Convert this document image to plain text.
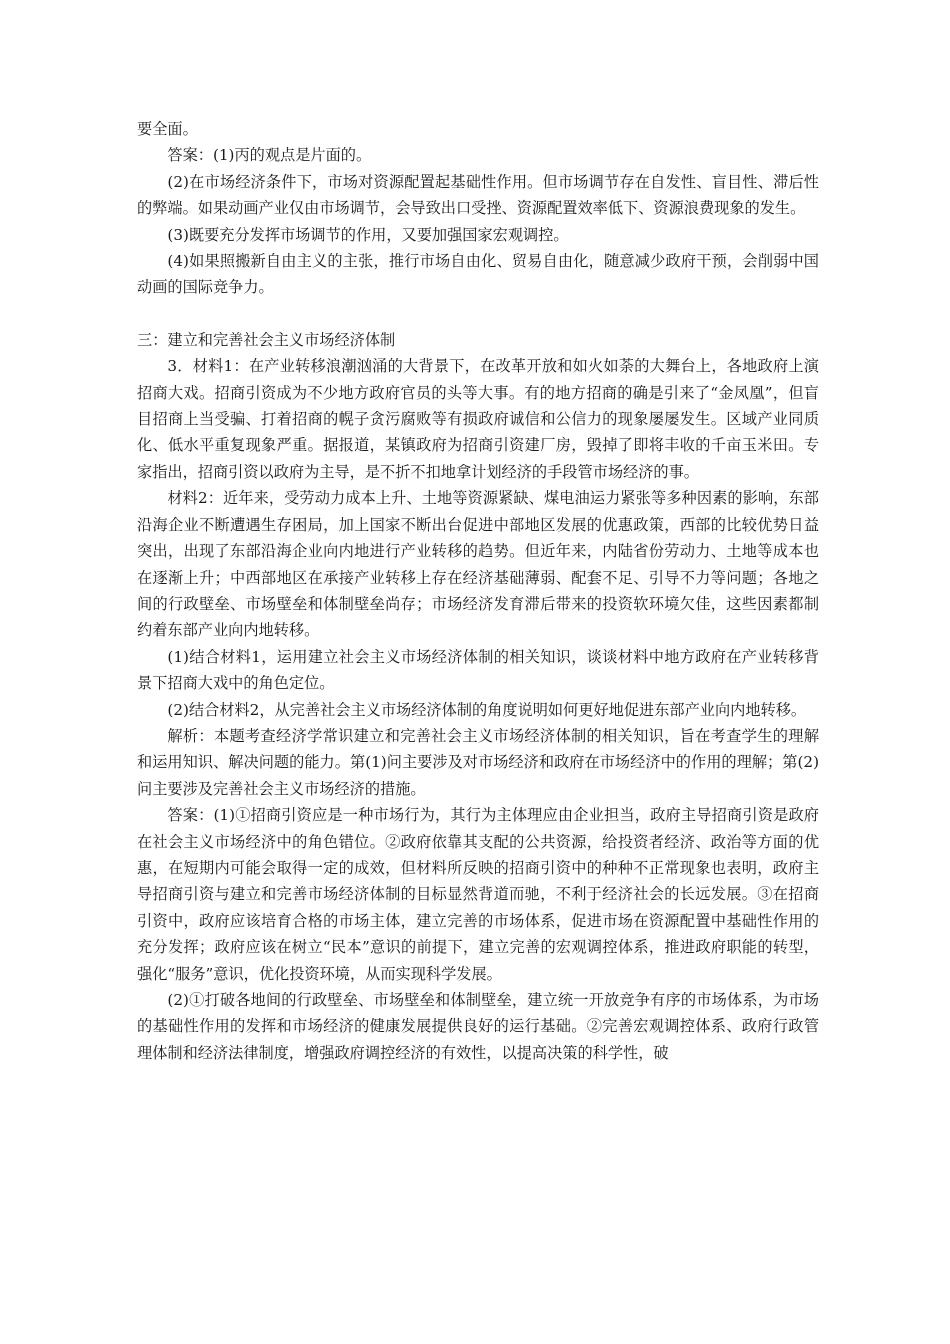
要全面。

答案：(1)丙的观点是片面的。

(2)在市场经济条件下，市场对资源配置起基础性作用。但市场调节存在自发性、盲目性、滞后性的弊端。如果动画产业仅由市场调节，会导致出口受挫、资源配置效率低下、资源浪费现象的发生。

(3)既要充分发挥市场调节的作用，又要加强国家宏观调控。

(4)如果照搬新自由主义的主张，推行市场自由化、贸易自由化，随意减少政府干预，会削弱中国动画的国际竞争力。

三：建立和完善社会主义市场经济体制

3．材料1：在产业转移浪潮汹涌的大背景下，在改革开放和如火如荼的大舞台上，各地政府上演招商大戏。招商引资成为不少地方政府官员的头等大事。有的地方招商的确是引来了“金凤凰”，但盲目招商上当受骗、打着招商的幌子贪污腐败等有损政府诚信和公信力的现象屡屡发生。区域产业同质化、低水平重复现象严重。据报道，某镇政府为招商引资建厂房，毁掉了即将丰收的千亩玉米田。专家指出，招商引资以政府为主导，是不折不扣地拿计划经济的手段管市场经济的事。

材料2：近年来，受劳动力成本上升、土地等资源紧缺、煤电油运力紧张等多种因素的影响，东部沿海企业不断遭遇生存困局，加上国家不断出台促进中部地区发展的优惠政策，西部的比较优势日益突出，出现了东部沿海企业向内地进行产业转移的趋势。但近年来，内陆省份劳动力、土地等成本也在逐渐上升；中西部地区在承接产业转移上存在经济基础薄弱、配套不足、引导不力等问题；各地之间的行政壁垒、市场壁垒和体制壁垒尚存；市场经济发育滞后带来的投资软环境欠佳，这些因素都制约着东部产业向内地转移。

(1)结合材料1，运用建立社会主义市场经济体制的相关知识，谈谈材料中地方政府在产业转移背景下招商大戏中的角色定位。

(2)结合材料2，从完善社会主义市场经济体制的角度说明如何更好地促进东部产业向内地转移。

解析：本题考查经济学常识建立和完善社会主义市场经济体制的相关知识，旨在考查学生的理解和运用知识、解决问题的能力。第(1)问主要涉及对市场经济和政府在市场经济中的作用的理解；第(2)问主要涉及完善社会主义市场经济的措施。

答案：(1)①招商引资应是一种市场行为，其行为主体理应由企业担当，政府主导招商引资是政府在社会主义市场经济中的角色错位。②政府依靠其支配的公共资源，给投资者经济、政治等方面的优惠，在短期内可能会取得一定的成效，但材料所反映的招商引资中的种种不正常现象也表明，政府主导招商引资与建立和完善市场经济体制的目标显然背道而驰，不利于经济社会的长远发展。③在招商引资中，政府应该培育合格的市场主体，建立完善的市场体系，促进市场在资源配置中基础性作用的充分发挥；政府应该在树立“民本”意识的前提下，建立完善的宏观调控体系，推进政府职能的转型，强化“服务”意识，优化投资环境，从而实现科学发展。

(2)①打破各地间的行政壁垒、市场壁垒和体制壁垒，建立统一开放竞争有序的市场体系，为市场的基础性作用的发挥和市场经济的健康发展提供良好的运行基础。②完善宏观调控体系、政府行政管理体制和经济法律制度，增强政府调控经济的有效性，以提高决策的科学性，破
